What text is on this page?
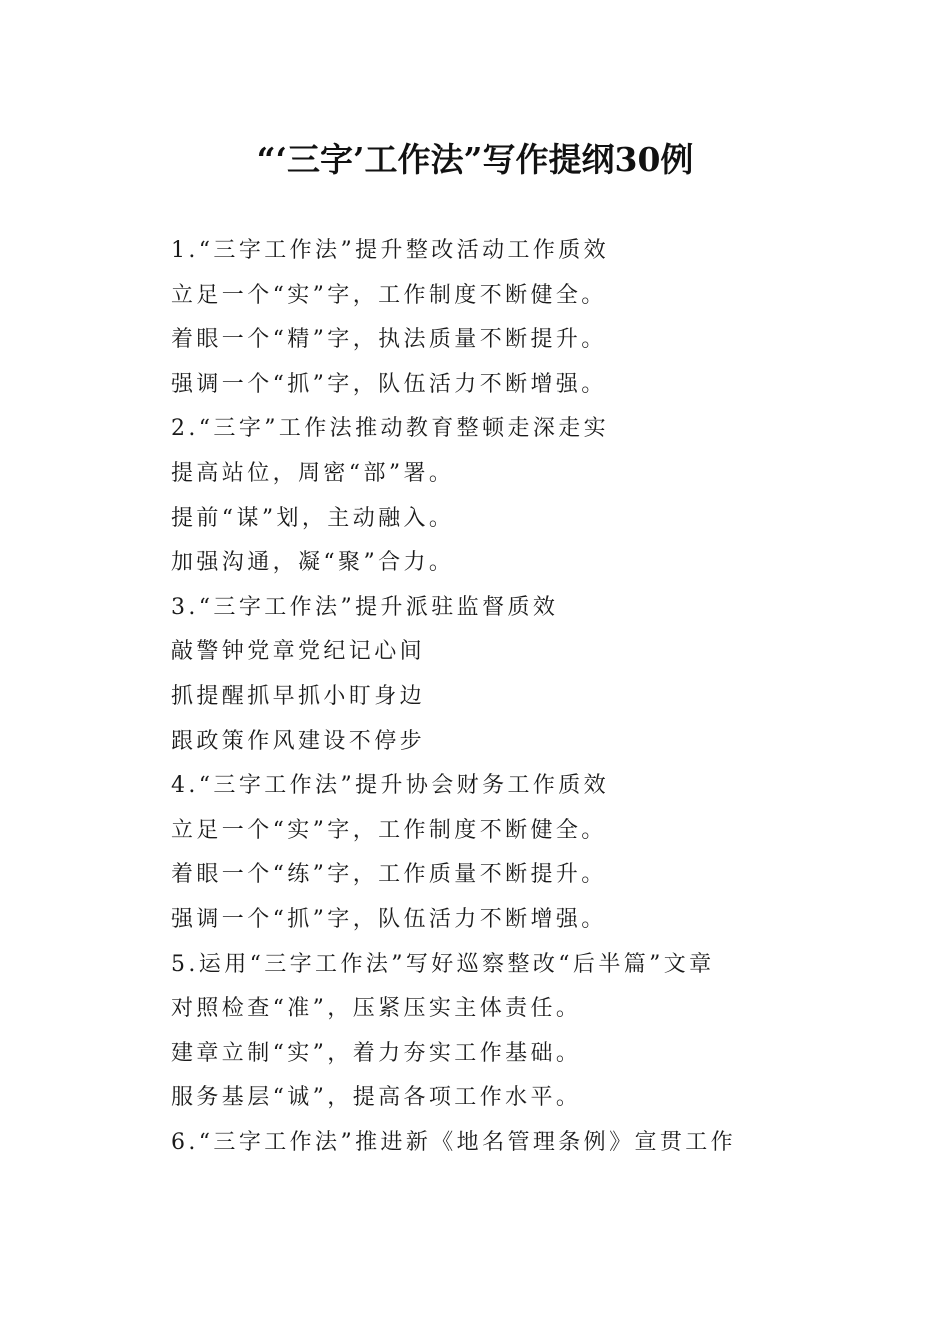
“‘三字’工作法”写作提纲30例
1.“三字工作法”提升整改活动工作质效
立足一个“实”字，工作制度不断健全。
着眼一个“精”字，执法质量不断提升。
强调一个“抓”字，队伍活力不断增强。
2.“三字”工作法推动教育整顿走深走实
提高站位，周密“部”署。
提前“谋”划，主动融入。
加强沟通，凝“聚”合力。
3.“三字工作法”提升派驻监督质效
敲警钟党章党纪记心间
抓提醒抓早抓小盯身边
跟政策作风建设不停步
4.“三字工作法”提升协会财务工作质效
立足一个“实”字，工作制度不断健全。
着眼一个“练”字，工作质量不断提升。
强调一个“抓”字，队伍活力不断增强。
5.运用“三字工作法”写好巡察整改“后半篇”文章
对照检查“准”，压紧压实主体责任。
建章立制“实”，着力夯实工作基础。
服务基层“诚”，提高各项工作水平。
6.“三字工作法”推进新《地名管理条例》宣贯工作
